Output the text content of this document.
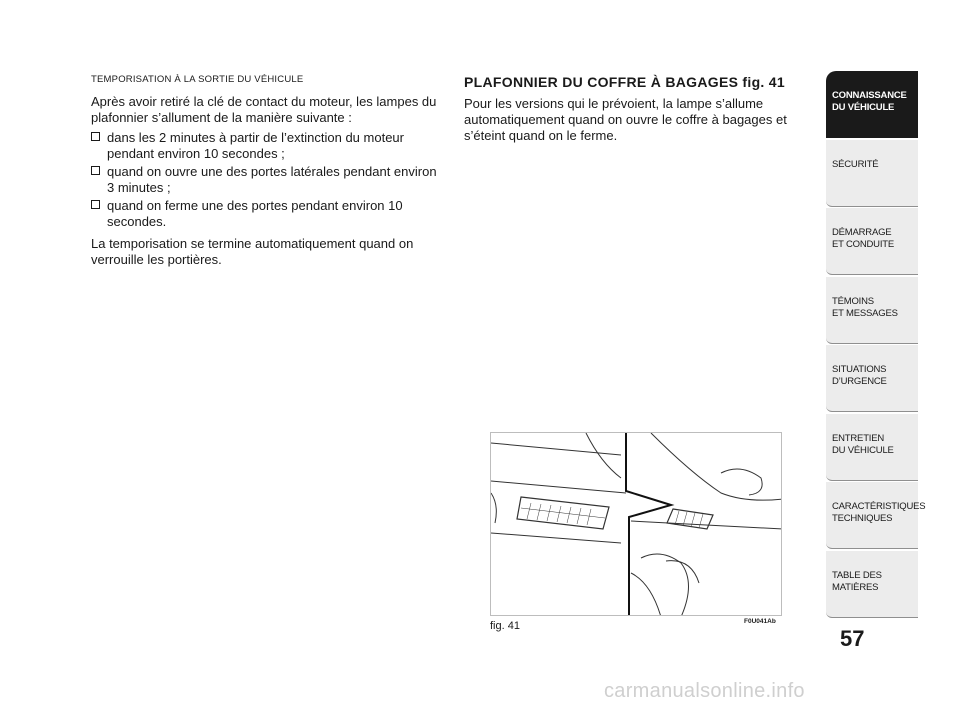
TEMPORISATION À LA SORTIE DU VÉHICULE

Après avoir retiré la clé de contact du moteur, les lampes du plafonnier s’allument de la manière suivante :

dans les 2 minutes à partir de l’extinction du moteur pendant environ 10 secondes ;
quand on ouvre une des portes latérales pendant environ 3 minutes ;
quand on ferme une des portes pendant environ 10 secondes.

La temporisation se termine automatiquement quand on verrouille les portières.

PLAFONNIER DU COFFRE À BAGAGES fig. 41

Pour les versions qui le prévoient, la lampe s’allume automatiquement quand on ouvre le coffre à bagages et s’éteint quand on le ferme.

fig. 41	F0U041Ab
57
CONNAISSANCE
DU VÉHICULE
SÉCURITÉ
DÉMARRAGE
ET CONDUITE
TÉMOINS
ET MESSAGES
SITUATIONS
D’URGENCE
ENTRETIEN
DU VÉHICULE
CARACTÉRISTIQUES
TECHNIQUES
TABLE DES
MATIÈRES
carmanualsonline.info
